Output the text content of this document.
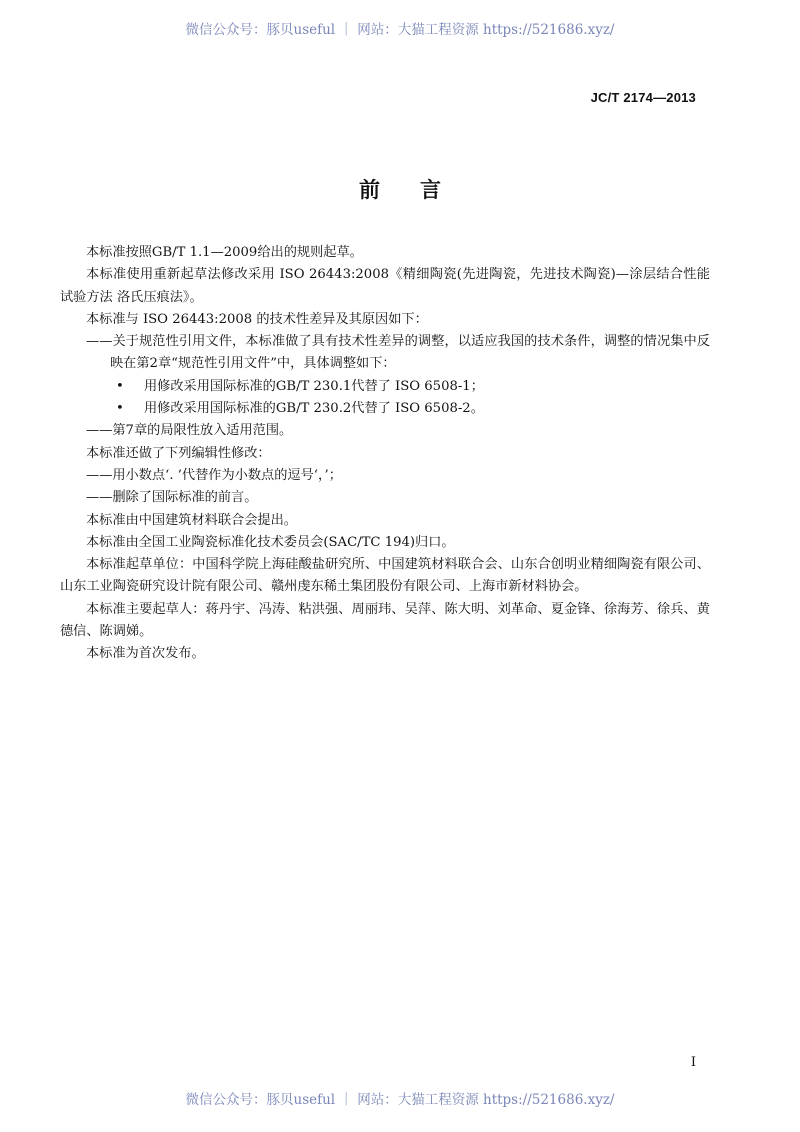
微信公众号：豚贝useful ｜ 网站：大猫工程资源 https://521686.xyz/
JC/T 2174—2013
前言

本标准按照GB/T 1.1—2009给出的规则起草。

本标准使用重新起草法修改采用 ISO 26443:2008《精细陶瓷(先进陶瓷，先进技术陶瓷)—涂层结合性能试验方法 洛氏压痕法》。

本标准与 ISO 26443:2008 的技术性差异及其原因如下：

——关于规范性引用文件，本标准做了具有技术性差异的调整，以适应我国的技术条件，调整的情况集中反映在第2章“规范性引用文件”中，具体调整如下：

• 用修改采用国际标准的GB/T 230.1代替了 ISO 6508-1；

• 用修改采用国际标准的GB/T 230.2代替了 ISO 6508-2。

——第7章的局限性放入适用范围。

本标准还做了下列编辑性修改：

——用小数点‘. ’代替作为小数点的逗号‘，’；

——删除了国际标准的前言。

本标准由中国建筑材料联合会提出。

本标准由全国工业陶瓷标准化技术委员会(SAC/TC 194)归口。

本标准起草单位：中国科学院上海硅酸盐研究所、中国建筑材料联合会、山东合创明业精细陶瓷有限公司、山东工业陶瓷研究设计院有限公司、赣州虔东稀土集团股份有限公司、上海市新材料协会。

本标准主要起草人：蒋丹宇、冯涛、粘洪强、周丽玮、吴萍、陈大明、刘革命、夏金锋、徐海芳、徐兵、黄德信、陈调娣。

本标准为首次发布。

I
微信公众号：豚贝useful ｜ 网站：大猫工程资源 https://521686.xyz/
